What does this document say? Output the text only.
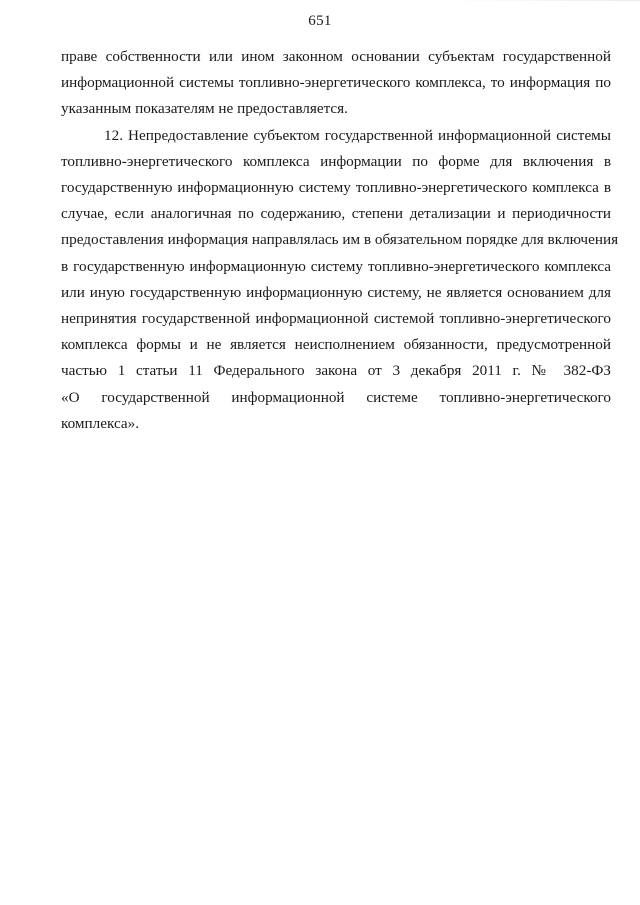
651

праве собственности или ином законном основании субъектам государственной
информационной системы топливно-энергетического комплекса, то информация по
указанным показателям не предоставляется.

12. Непредоставление субъектом государственной информационной системы
топливно-энергетического комплекса информации по форме для включения в
государственную информационную систему топливно-энергетического комплекса в
случае, если аналогичная по содержанию, степени детализации и периодичности
предоставления информация направлялась им в обязательном порядке для включения
в государственную информационную систему топливно-энергетического комплекса
или иную государственную информационную систему, не является основанием для
непринятия государственной информационной системой топливно-энергетического
комплекса формы и не является неисполнением обязанности, предусмотренной
частью 1 статьи 11 Федерального закона от 3 декабря 2011 г. № 382-ФЗ
«О государственной информационной системе топливно-энергетического
комплекса».
